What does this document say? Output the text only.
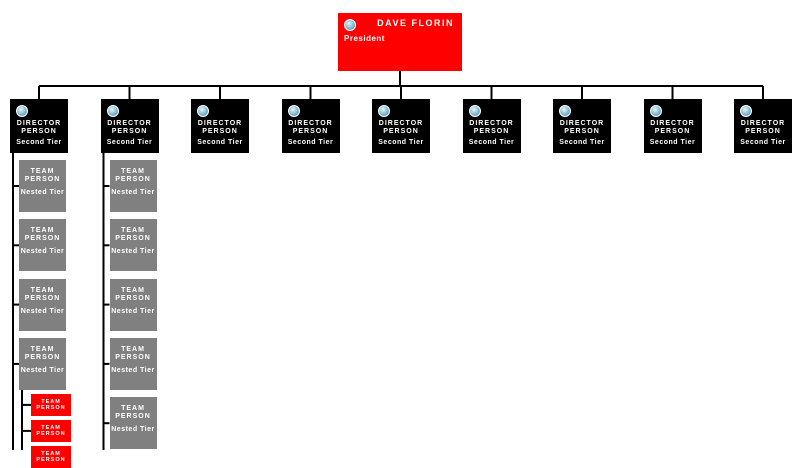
DAVE FLORIN
President
DIRECTOR PERSON
Second Tier
TEAM PERSON
Nested Tier
TEAM PERSON
Nested Tier
TEAM PERSON
Nested Tier
TEAM PERSON
Nested Tier
TEAM PERSON
TEAM PERSON
TEAM PERSON
DIRECTOR PERSON
Second Tier
TEAM PERSON
Nested Tier
TEAM PERSON
Nested Tier
TEAM PERSON
Nested Tier
TEAM PERSON
Nested Tier
TEAM PERSON
Nested Tier
DIRECTOR PERSON
Second Tier
DIRECTOR PERSON
Second Tier
DIRECTOR PERSON
Second Tier
DIRECTOR PERSON
Second Tier
DIRECTOR PERSON
Second Tier
DIRECTOR PERSON
Second Tier
DIRECTOR PERSON
Second Tier
